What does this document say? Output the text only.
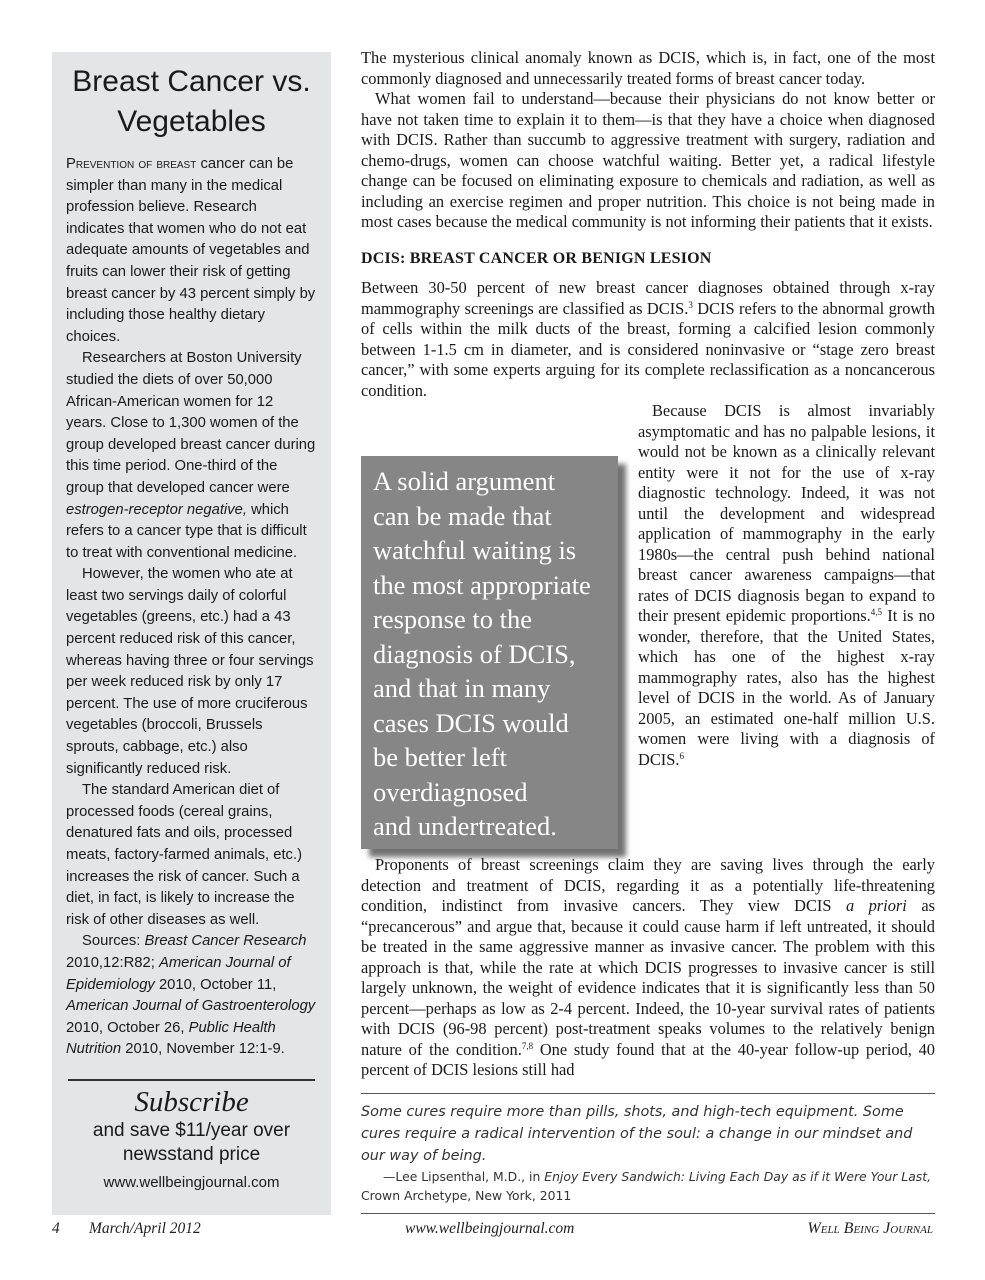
Breast Cancer vs. Vegetables

Prevention of breast cancer can be simpler than many in the medical profession believe. Research indicates that women who do not eat adequate amounts of vegetables and fruits can lower their risk of getting breast cancer by 43 percent simply by including those healthy dietary choices.

Researchers at Boston University studied the diets of over 50,000 African-American women for 12 years. Close to 1,300 women of the group developed breast cancer during this time period. One-third of the group that developed cancer were estrogen-receptor negative, which refers to a cancer type that is difficult to treat with conventional medicine.

However, the women who ate at least two servings daily of colorful vegetables (greens, etc.) had a 43 percent reduced risk of this cancer, whereas having three or four servings per week reduced risk by only 17 percent. The use of more cruciferous vegetables (broccoli, Brussels sprouts, cabbage, etc.) also significantly reduced risk.

The standard American diet of processed foods (cereal grains, denatured fats and oils, processed meats, factory-farmed animals, etc.) increases the risk of cancer. Such a diet, in fact, is likely to increase the risk of other diseases as well.

Sources: Breast Cancer Research 2010,12:R82; American Journal of Epidemiology 2010, October 11, American Journal of Gastroenterology 2010, October 26, Public Health Nutrition 2010, November 12:1-9.

Subscribe
and save $11/year over
newsstand price
www.wellbeingjournal.com

The mysterious clinical anomaly known as DCIS, which is, in fact, one of the most commonly diagnosed and unnecessarily treated forms of breast cancer today.

What women fail to understand—because their physicians do not know better or have not taken time to explain it to them—is that they have a choice when diagnosed with DCIS. Rather than succumb to aggressive treatment with surgery, radiation and chemo-drugs, women can choose watchful waiting. Better yet, a radical lifestyle change can be focused on eliminating exposure to chemicals and radiation, as well as including an exercise regimen and proper nutrition. This choice is not being made in most cases because the medical community is not informing their patients that it exists.

DCIS: BREAST CANCER OR BENIGN LESION

Between 30-50 percent of new breast cancer diagnoses obtained through x-ray mammography screenings are classified as DCIS.$^3$ DCIS refers to the abnormal growth of cells within the milk ducts of the breast, forming a calcified lesion commonly between 1-1.5 cm in diameter, and is considered noninvasive or “stage zero breast cancer,” with some experts arguing for its complete reclassification as a noncancerous condition.

A solid argument
can be made that
watchful waiting is
the most appropriate
response to the
diagnosis of DCIS,
and that in many
cases DCIS would
be better left
overdiagnosed
and undertreated.

Because DCIS is almost invariably asymptomatic and has no palpable lesions, it would not be known as a clinically relevant entity were it not for the use of x-ray diagnostic technology. Indeed, it was not until the development and widespread application of mammography in the early 1980s—the central push behind national breast cancer awareness campaigns—that rates of DCIS diagnosis began to expand to their present epidemic proportions.$^{4,5}$ It is no wonder, therefore, that the United States, which has one of the highest x-ray mammography rates, also has the highest level of DCIS in the world. As of January 2005, an estimated one-half million U.S. women were living with a diagnosis of DCIS.$^6$

Proponents of breast screenings claim they are saving lives through the early detection and treatment of DCIS, regarding it as a potentially life-threatening condition, indistinct from invasive cancers. They view DCIS a priori as “precancerous” and argue that, because it could cause harm if left untreated, it should be treated in the same aggressive manner as invasive cancer. The problem with this approach is that, while the rate at which DCIS progresses to invasive cancer is still largely unknown, the weight of evidence indicates that it is significantly less than 50 percent—perhaps as low as 2-4 percent. Indeed, the 10-year survival rates of patients with DCIS (96-98 percent) post-treatment speaks volumes to the relatively benign nature of the condition.$^{7,8}$ One study found that at the 40-year follow-up period, 40 percent of DCIS lesions still had

Some cures require more than pills, shots, and high-tech equipment. Some cures require a radical intervention of the soul: a change in our mindset and our way of being.
—Lee Lipsenthal, M.D., in Enjoy Every Sandwich: Living Each Day as if it Were Your Last,
Crown Archetype, New York, 2011
4 March/April 2012	www.wellbeingjournal.com	Well Being Journal
